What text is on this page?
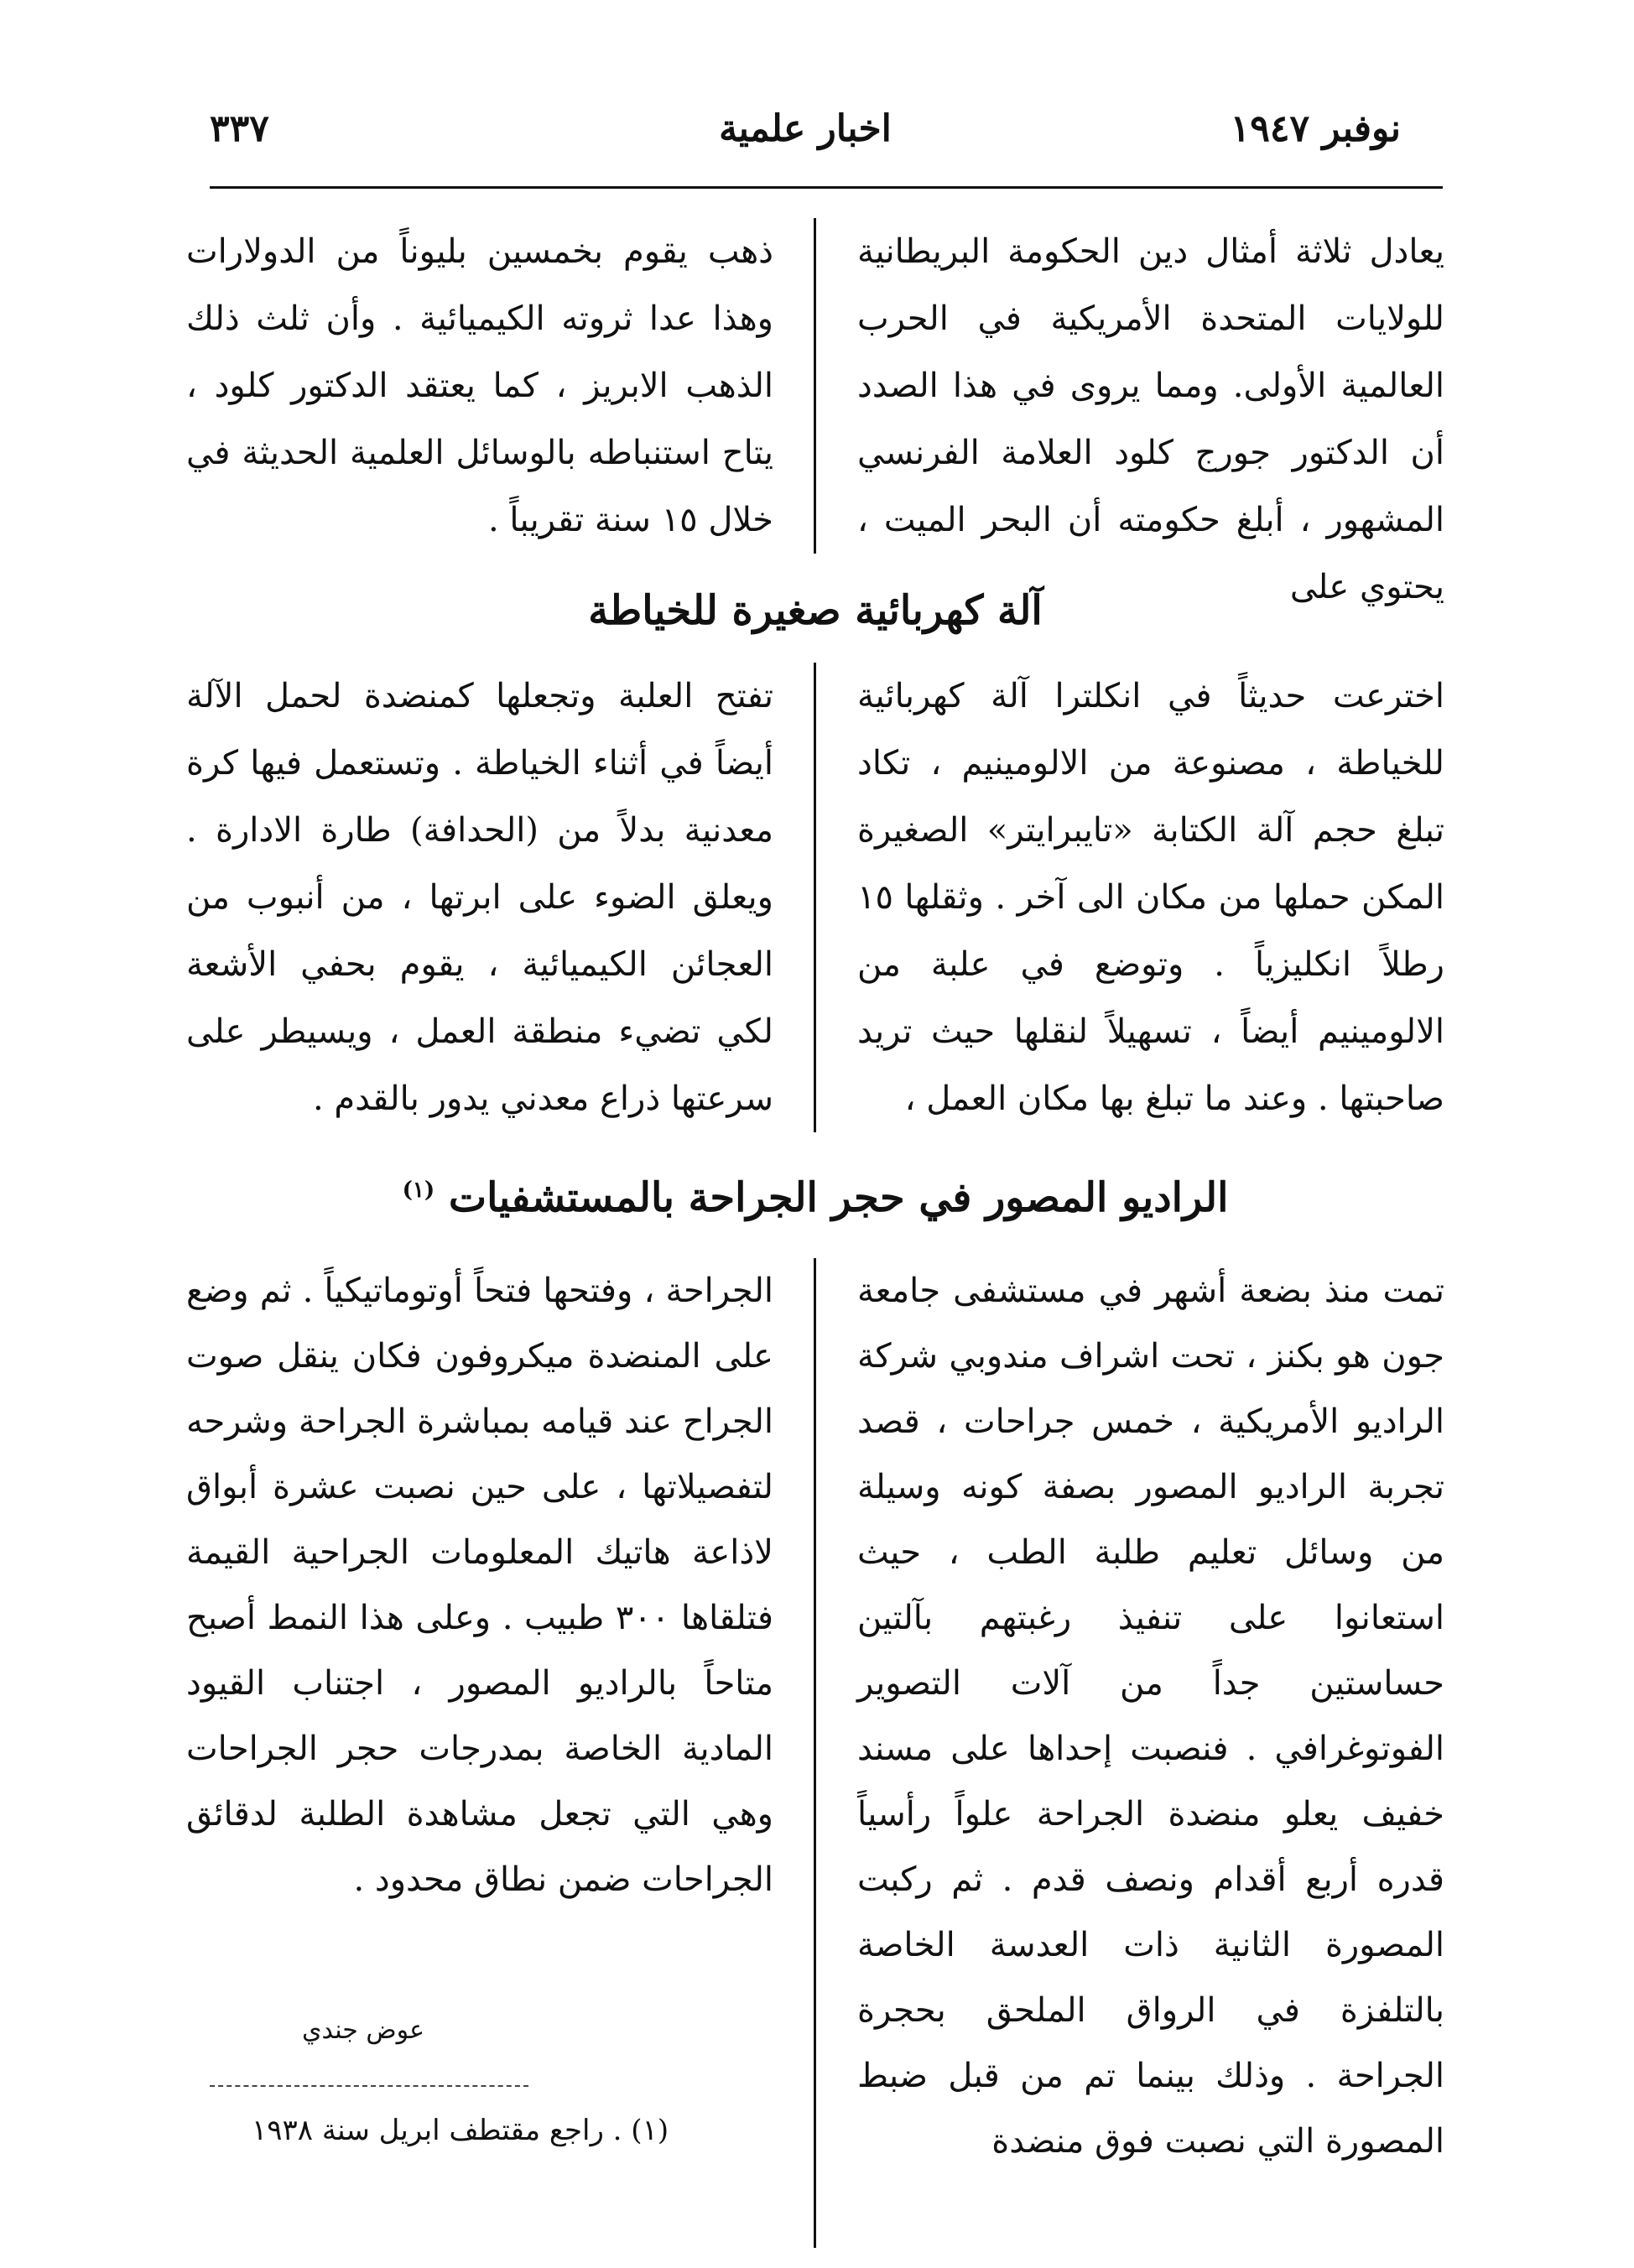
نوفبر ١٩٤٧
اخبار علمية
٣٣٧

يعادل ثلاثة أمثال دين الحكومة البريطانية للولايات المتحدة الأمريكية في الحرب العالمية الأولى. ومما يروى في هذا الصدد أن الدكتور جورج كلود العلامة الفرنسي المشهور ، أبلغ حكومته أن البحر الميت ، يحتوي على

ذهب يقوم بخمسين بليوناً من الدولارات وهذا عدا ثروته الكيميائية . وأن ثلث ذلك الذهب الابريز ، كما يعتقد الدكتور كلود ، يتاح استنباطه بالوسائل العلمية الحديثة في خلال ١٥ سنة تقريباً .

آلة كهربائية صغيرة للخياطة

اخترعت حديثاً في انكلترا آلة كهربائية للخياطة ، مصنوعة من الالومينيم ، تكاد تبلغ حجم آلة الكتابة «تايبرايتر» الصغيرة المكن حملها من مكان الى آخر . وثقلها ١٥ رطلاً انكليزياً . وتوضع في علبة من الالومينيم أيضاً ، تسهيلاً لنقلها حيث تريد صاحبتها . وعند ما تبلغ بها مكان العمل ،

تفتح العلبة وتجعلها كمنضدة لحمل الآلة أيضاً في أثناء الخياطة . وتستعمل فيها كرة معدنية بدلاً من (الحدافة) طارة الادارة . ويعلق الضوء على ابرتها ، من أنبوب من العجائن الكيميائية ، يقوم بحفي الأشعة لكي تضيء منطقة العمل ، ويسيطر على سرعتها ذراع معدني يدور بالقدم .

الراديو المصور في حجر الجراحة بالمستشفيات $^{(١)}$

تمت منذ بضعة أشهر في مستشفى جامعة جون هو بكنز ، تحت اشراف مندوبي شركة الراديو الأمريكية ، خمس جراحات ، قصد تجربة الراديو المصور بصفة كونه وسيلة من وسائل تعليم طلبة الطب ، حيث استعانوا على تنفيذ رغبتهم بآلتين حساستين جداً من آلات التصوير الفوتوغرافي . فنصبت إحداها على مسند خفيف يعلو منضدة الجراحة علواً رأسياً قدره أربع أقدام ونصف قدم . ثم ركبت المصورة الثانية ذات العدسة الخاصة بالتلفزة في الرواق الملحق بحجرة الجراحة . وذلك بينما تم من قبل ضبط المصورة التي نصبت فوق منضدة

الجراحة ، وفتحها فتحاً أوتوماتيكياً . ثم وضع على المنضدة ميكروفون فكان ينقل صوت الجراح عند قيامه بمباشرة الجراحة وشرحه لتفصيلاتها ، على حين نصبت عشرة أبواق لاذاعة هاتيك المعلومات الجراحية القيمة فتلقاها ٣٠٠ طبيب . وعلى هذا النمط أصبح متاحاً بالراديو المصور ، اجتناب القيود المادية الخاصة بمدرجات حجر الجراحات وهي التي تجعل مشاهدة الطلبة لدقائق الجراحات ضمن نطاق محدود .

عوض جندي
(١) . راجع مقتطف ابريل سنة ١٩٣٨
